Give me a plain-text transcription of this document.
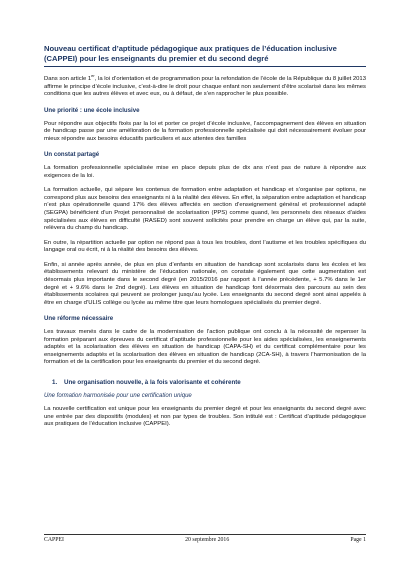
Nouveau certificat d’aptitude pédagogique aux pratiques de l’éducation inclusive (CAPPEI) pour les enseignants du premier et du second degré

Dans son article 1er, la loi d’orientation et de programmation pour la refondation de l’école de la République du 8 juillet 2013 affirme le principe d’école inclusive, c’est-à-dire le droit pour chaque enfant non seulement d’être scolarisé dans les mêmes conditions que les autres élèves et avec eux, ou à défaut, de s’en rapprocher le plus possible.

Une priorité : une école inclusive

Pour répondre aux objectifs fixés par la loi et porter ce projet d’école inclusive, l’accompagnement des élèves en situation de handicap passe par une amélioration de la formation professionnelle spécialisée qui doit nécessairement évoluer pour mieux répondre aux besoins éducatifs particuliers et aux attentes des familles

Un constat partagé

La formation professionnelle spécialisée mise en place depuis plus de dix ans n’est pas de nature à répondre aux exigences de la loi.

La formation actuelle, qui sépare les contenus de formation entre adaptation et handicap et s’organise par options, ne correspond plus aux besoins des enseignants ni à la réalité des élèves. En effet, la séparation entre adaptation et handicap n’est plus opérationnelle quand 17% des élèves affectés en section d’enseignement général et professionnel adapté (SEGPA) bénéficient d’un Projet personnalisé de scolarisation (PPS) comme quand, les personnels des réseaux d’aides spécialisées aux élèves en difficulté (RASED) sont souvent sollicités pour prendre en charge un élève qui, par la suite, relèvera du champ du handicap.

En outre, la répartition actuelle par option ne répond pas à tous les troubles, dont l’autisme et les troubles spécifiques du langage oral ou écrit, ni à la réalité des besoins des élèves.

Enfin, si année après année, de plus en plus d’enfants en situation de handicap sont scolarisés dans les écoles et les établissements relevant du ministère de l’éducation nationale, on constate également que cette augmentation est désormais plus importante dans le second degré (en 2015/2016 par rapport à l’année précédente, + 5.7% dans le 1er degré et + 9.6% dans le 2nd degré). Les élèves en situation de handicap font désormais des parcours au sein des établissements scolaires qui peuvent se prolonger jusqu’au lycée. Les enseignants du second degré sont ainsi appelés à être en charge d’ULIS collège ou lycée au même titre que leurs homologues spécialisés du premier degré.

Une réforme nécessaire

Les travaux menés dans le cadre de la modernisation de l’action publique ont conclu à la nécessité de repenser la formation préparant aux épreuves du certificat d’aptitude professionnelle pour les aides spécialisées, les enseignements adaptés et la scolarisation des élèves en situation de handicap (CAPA-SH) et du certificat complémentaire pour les enseignements adaptés et la scolarisation des élèves en situation de handicap (2CA-SH), à travers l’harmonisation de la formation et de la certification pour les enseignants du premier et du second degré.

1. Une organisation nouvelle, à la fois valorisante et cohérente
Une formation harmonisée pour une certification unique

La nouvelle certification est unique pour les enseignants du premier degré et pour les enseignants du second degré avec une entrée par des dispositifs (modules) et non par types de troubles. Son intitulé est : Certificat d’aptitude pédagogique aux pratiques de l’éducation inclusive (CAPPEI).

CAPPEI	20 septembre 2016	Page 1
